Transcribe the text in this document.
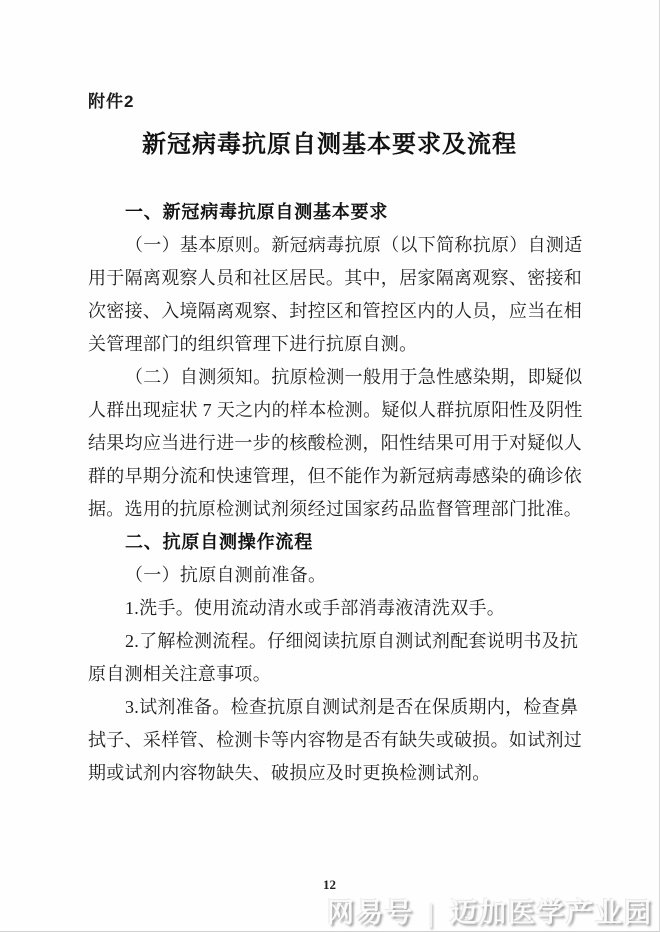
附件2
新冠病毒抗原自测基本要求及流程
一、新冠病毒抗原自测基本要求
（一）基本原则。新冠病毒抗原（以下简称抗原）自测适
用于隔离观察人员和社区居民。其中，居家隔离观察、密接和
次密接、入境隔离观察、封控区和管控区内的人员，应当在相
关管理部门的组织管理下进行抗原自测。
（二）自测须知。抗原检测一般用于急性感染期，即疑似
人群出现症状 7 天之内的样本检测。疑似人群抗原阳性及阴性
结果均应当进行进一步的核酸检测，阳性结果可用于对疑似人
群的早期分流和快速管理，但不能作为新冠病毒感染的确诊依
据。选用的抗原检测试剂须经过国家药品监督管理部门批准。
二、抗原自测操作流程
（一）抗原自测前准备。
1.洗手。使用流动清水或手部消毒液清洗双手。
2.了解检测流程。仔细阅读抗原自测试剂配套说明书及抗
原自测相关注意事项。
3.试剂准备。检查抗原自测试剂是否在保质期内，检查鼻
拭子、采样管、检测卡等内容物是否有缺失或破损。如试剂过
期或试剂内容物缺失、破损应及时更换检测试剂。
12
网易号 | 迈加医学产业园
